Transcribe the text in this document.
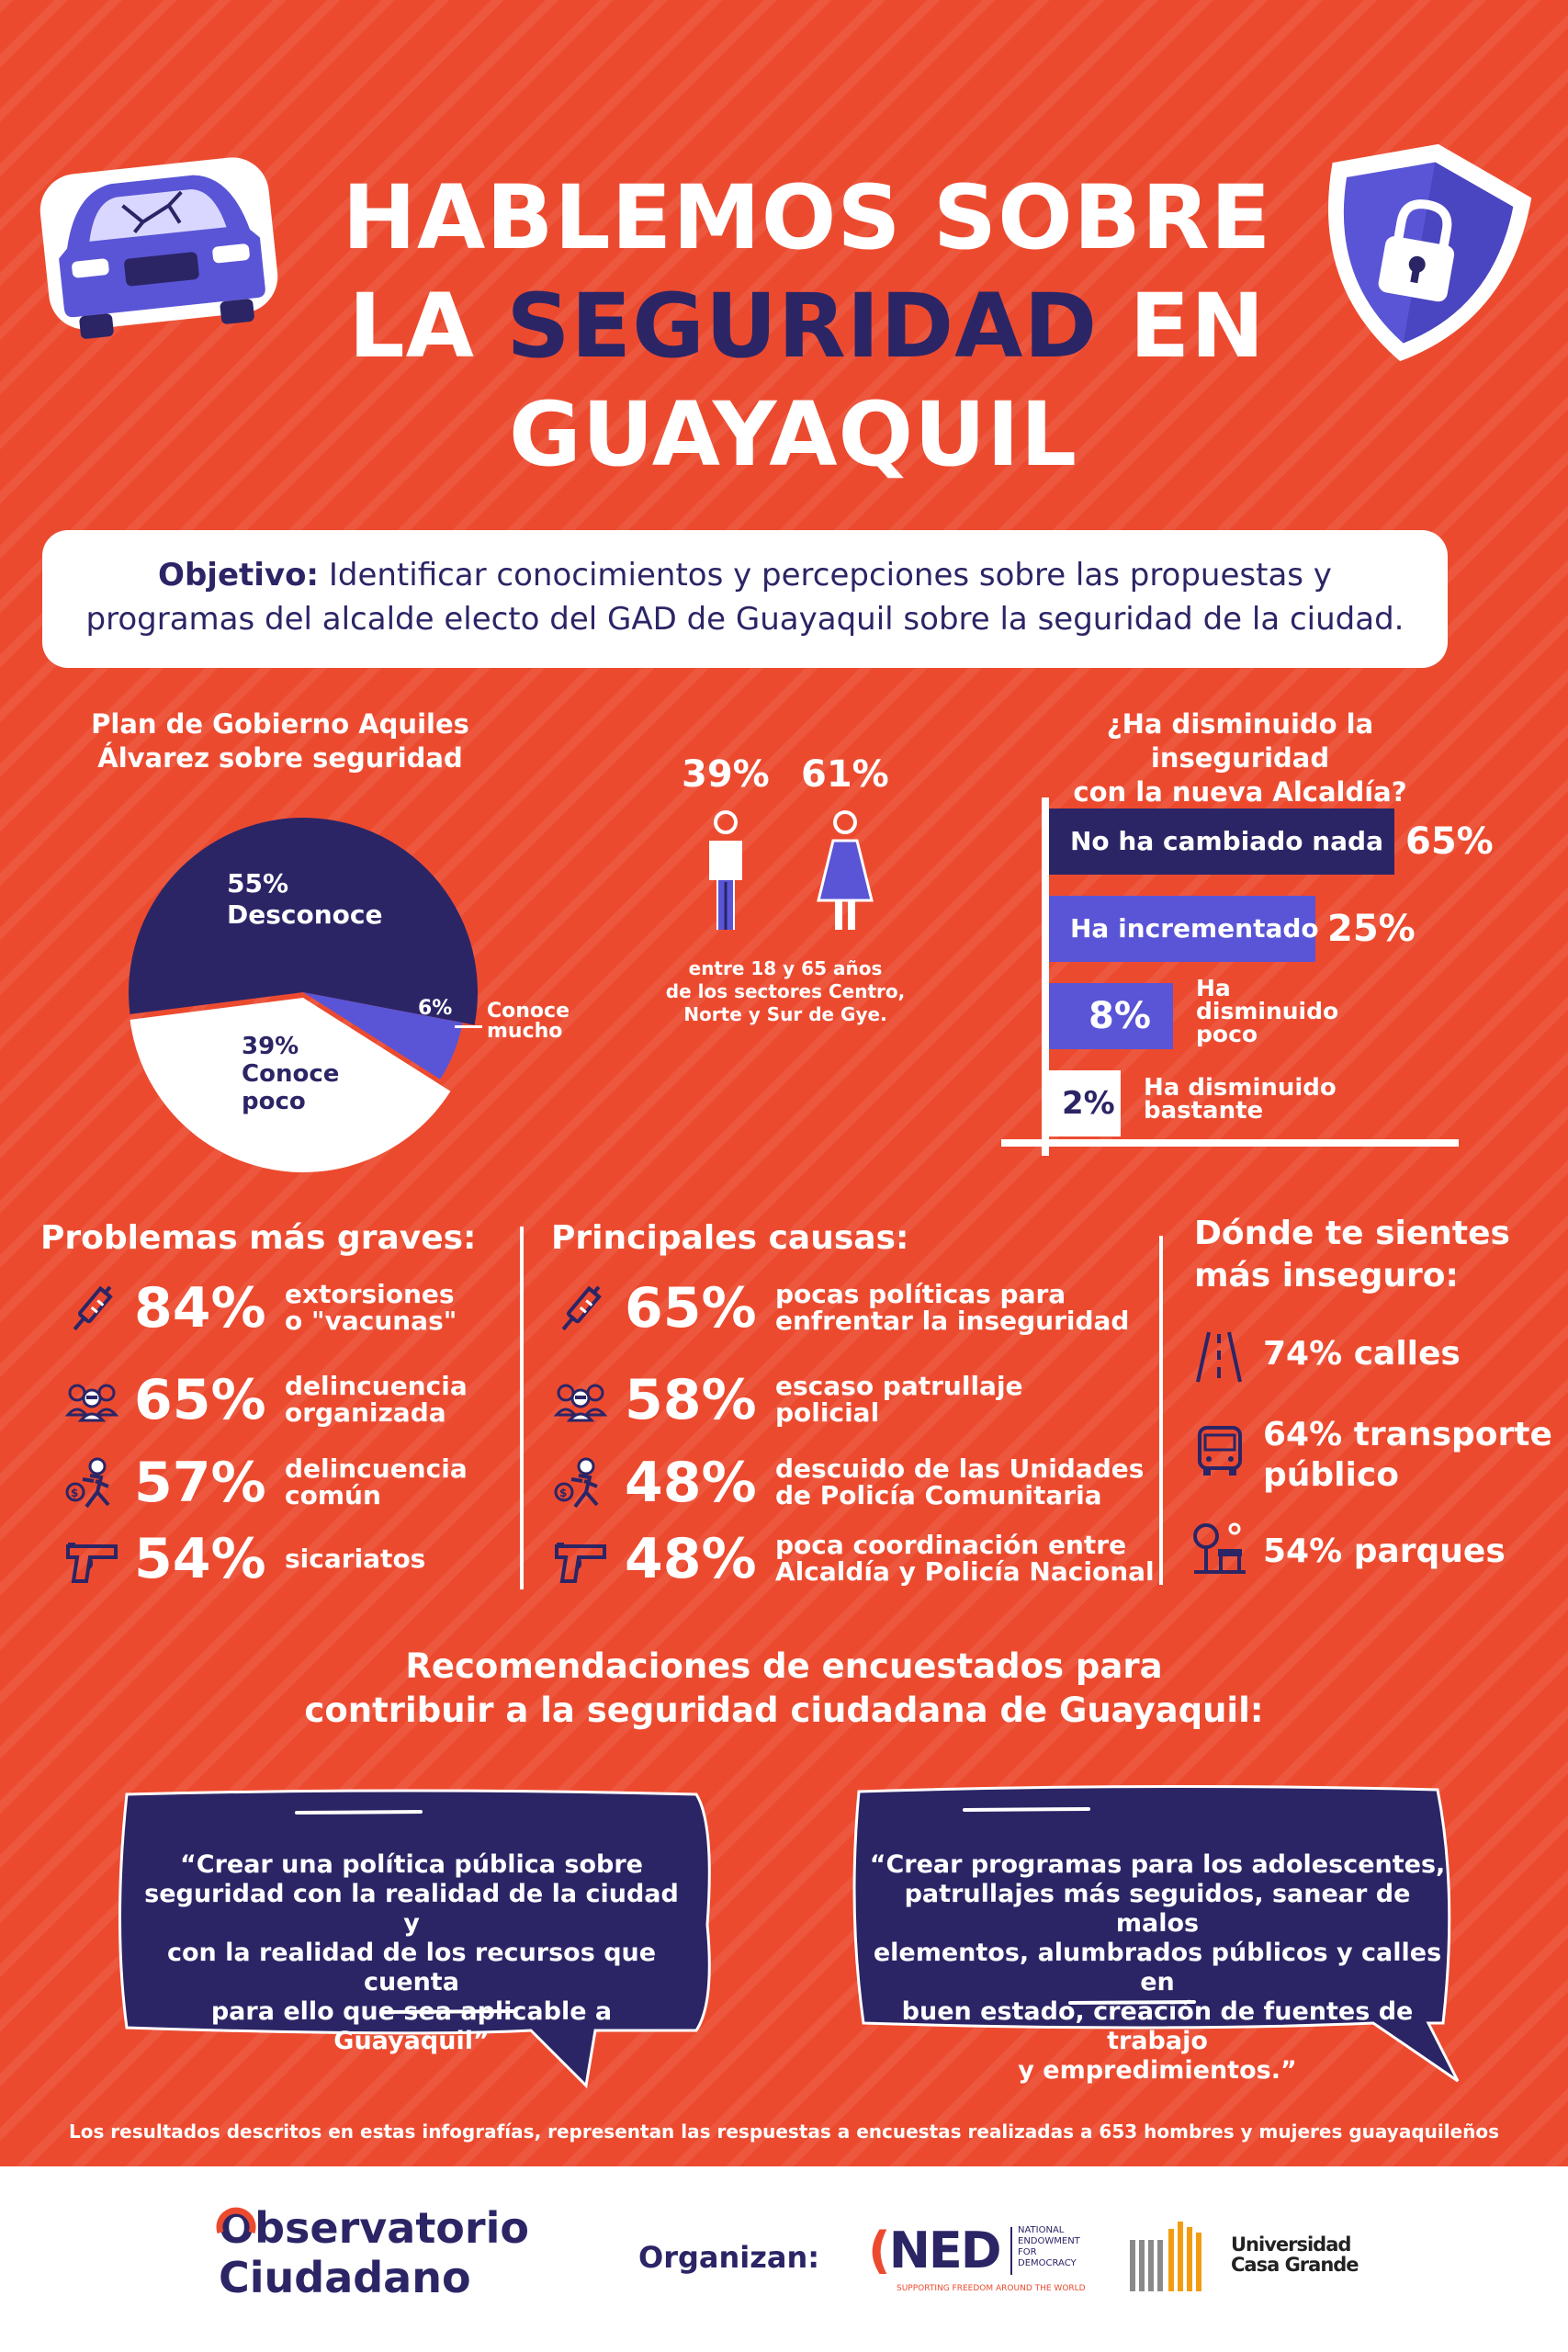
HABLEMOS SOBRE
LA SEGURIDAD EN
GUAYAQUIL
Objetivo: Identificar conocimientos y percepciones sobre las propuestas y programas del alcalde electo del GAD de Guayaquil sobre la seguridad de la ciudad.
Plan de Gobierno Aquiles
Álvarez sobre seguridad
55%
Desconoce
39%
Conoce
poco
6% Conoce
mucho
39% 61%
entre 18 y 65 años
de los sectores Centro,
Norte y Sur de Gye.
¿Ha disminuido la inseguridad
con la nueva Alcaldía?
No ha cambiado nada 65%
Ha incrementado 25%
8%
Ha
disminuido
poco
2% Ha disminuido
bastante
Problemas más graves:
84% extorsiones
o "vacunas"
65% delincuencia
organizada
$ 57% delincuencia
común
54% sicariatos
Principales causas:
65% pocas políticas para
enfrentar la inseguridad
58% escaso patrullaje
policial
$ 48% descuido de las Unidades
de Policía Comunitaria
48% poca coordinación entre
Alcaldía y Policía Nacional
Dónde te sientes
más inseguro:
74% calles
64% transporte
público
54% parques
Recomendaciones de encuestados para
contribuir a la seguridad ciudadana de Guayaquil:
“Crear una política pública sobre
seguridad con la realidad de la ciudad y
con la realidad de los recursos que cuenta
para ello que sea aplicable a Guayaquil”
“Crear programas para los adolescentes,
patrullajes más seguidos, sanear de malos
elementos, alumbrados públicos y calles en
buen estado, creación de fuentes de trabajo
y empredimientos.”
Los resultados descritos en estas infografías, representan las respuestas a encuestas realizadas a 653 hombres y mujeres guayaquileños
Observatorio
Ciudadano	Organizan: (NED NATIONAL
ENDOWMENT
FOR
DEMOCRACY
SUPPORTING FREEDOM AROUND THE WORLD
Universidad
Casa Grande
